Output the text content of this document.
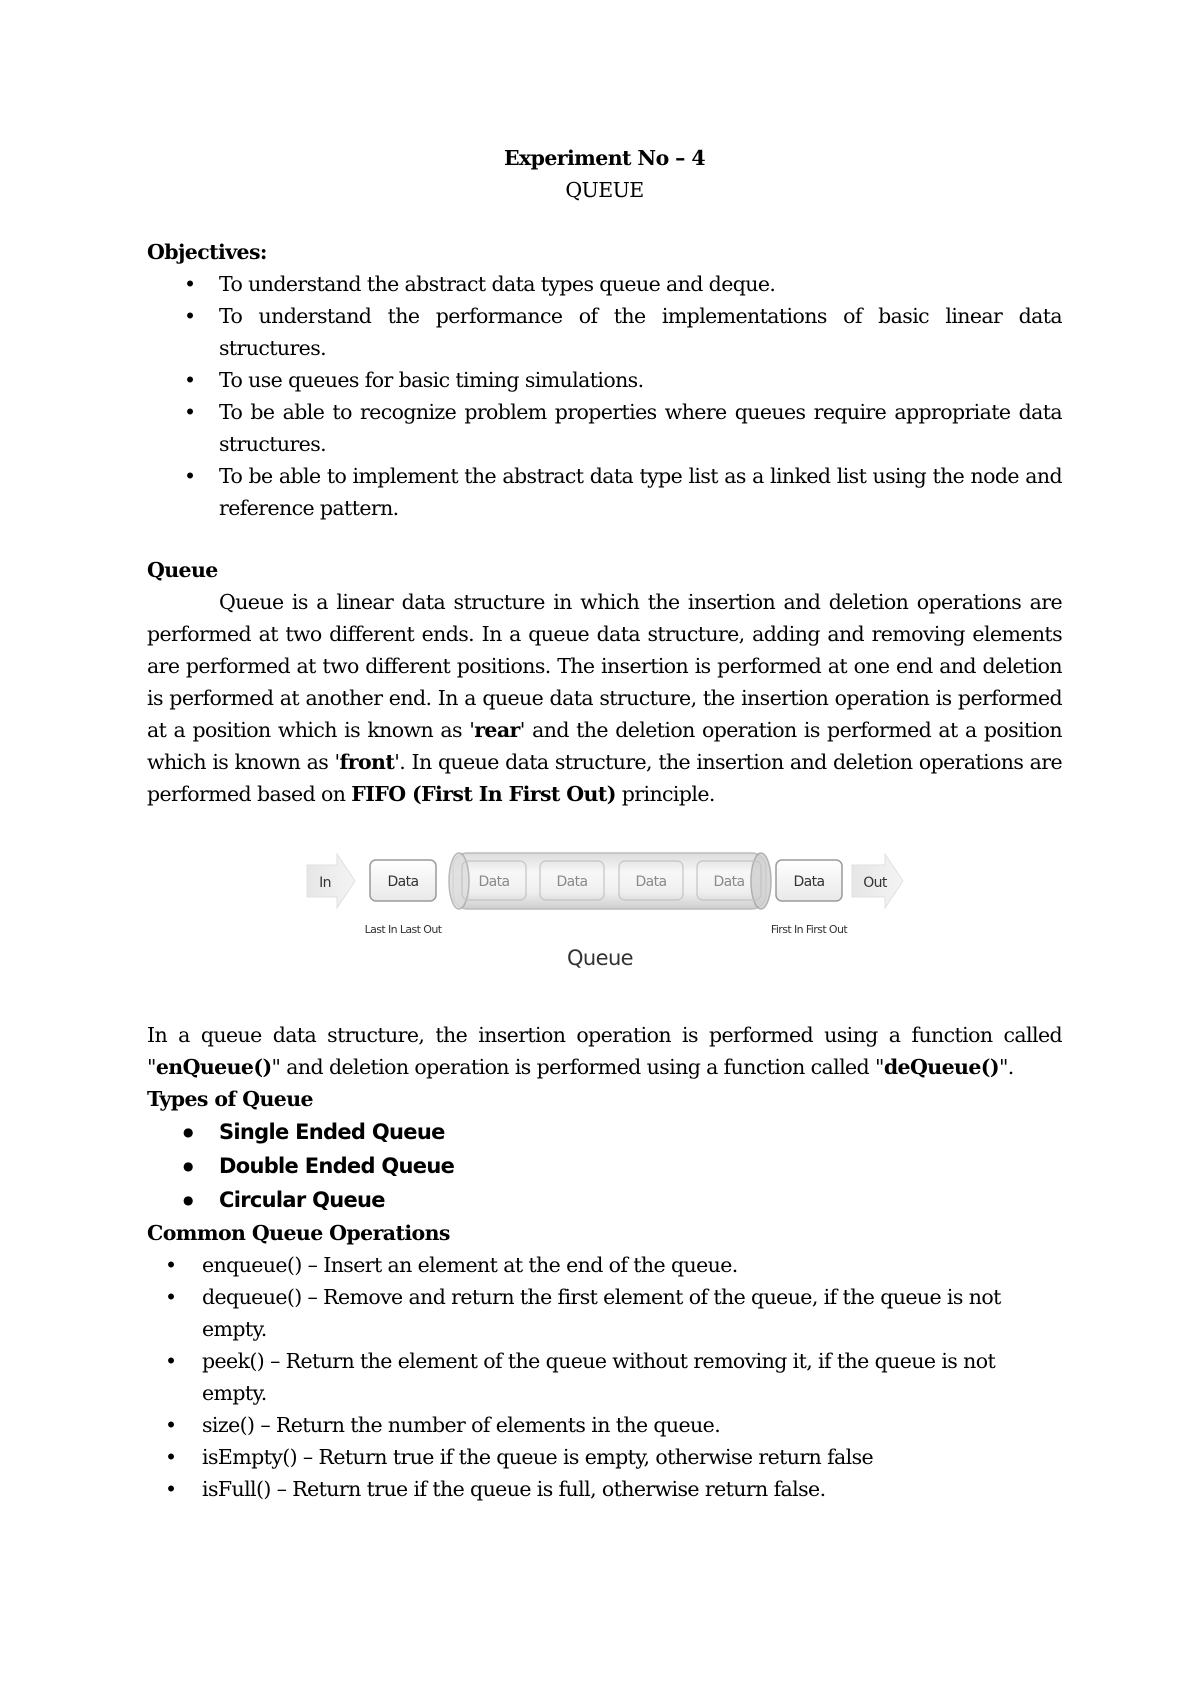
Experiment No – 4

QUEUE

Objectives:

• To understand the abstract data types queue and deque.
• To understand the performance of the implementations of basic linear data structures.
• To use queues for basic timing simulations.
• To be able to recognize problem properties where queues require appropriate data structures.
• To be able to implement the abstract data type list as a linked list using the node and reference pattern.

Queue

Queue is a linear data structure in which the insertion and deletion operations are performed at two different ends. In a queue data structure, adding and removing elements are performed at two different positions. The insertion is performed at one end and deletion is performed at another end. In a queue data structure, the insertion operation is performed at a position which is known as 'rear' and the deletion operation is performed at a position which is known as 'front'. In queue data structure, the insertion and deletion operations are performed based on FIFO (First In First Out) principle.

In	Data	Data	Data	Data	Data	Data	Out
Last In Last Out	First In First Out
Queue

In a queue data structure, the insertion operation is performed using a function called "enQueue()" and deletion operation is performed using a function called "deQueue()".

Types of Queue

● Single Ended Queue
● Double Ended Queue
● Circular Queue

Common Queue Operations

• enqueue() – Insert an element at the end of the queue.
• dequeue() – Remove and return the first element of the queue, if the queue is not empty.
• peek() – Return the element of the queue without removing it, if the queue is not empty.
• size() – Return the number of elements in the queue.
• isEmpty() – Return true if the queue is empty, otherwise return false
• isFull() – Return true if the queue is full, otherwise return false.
